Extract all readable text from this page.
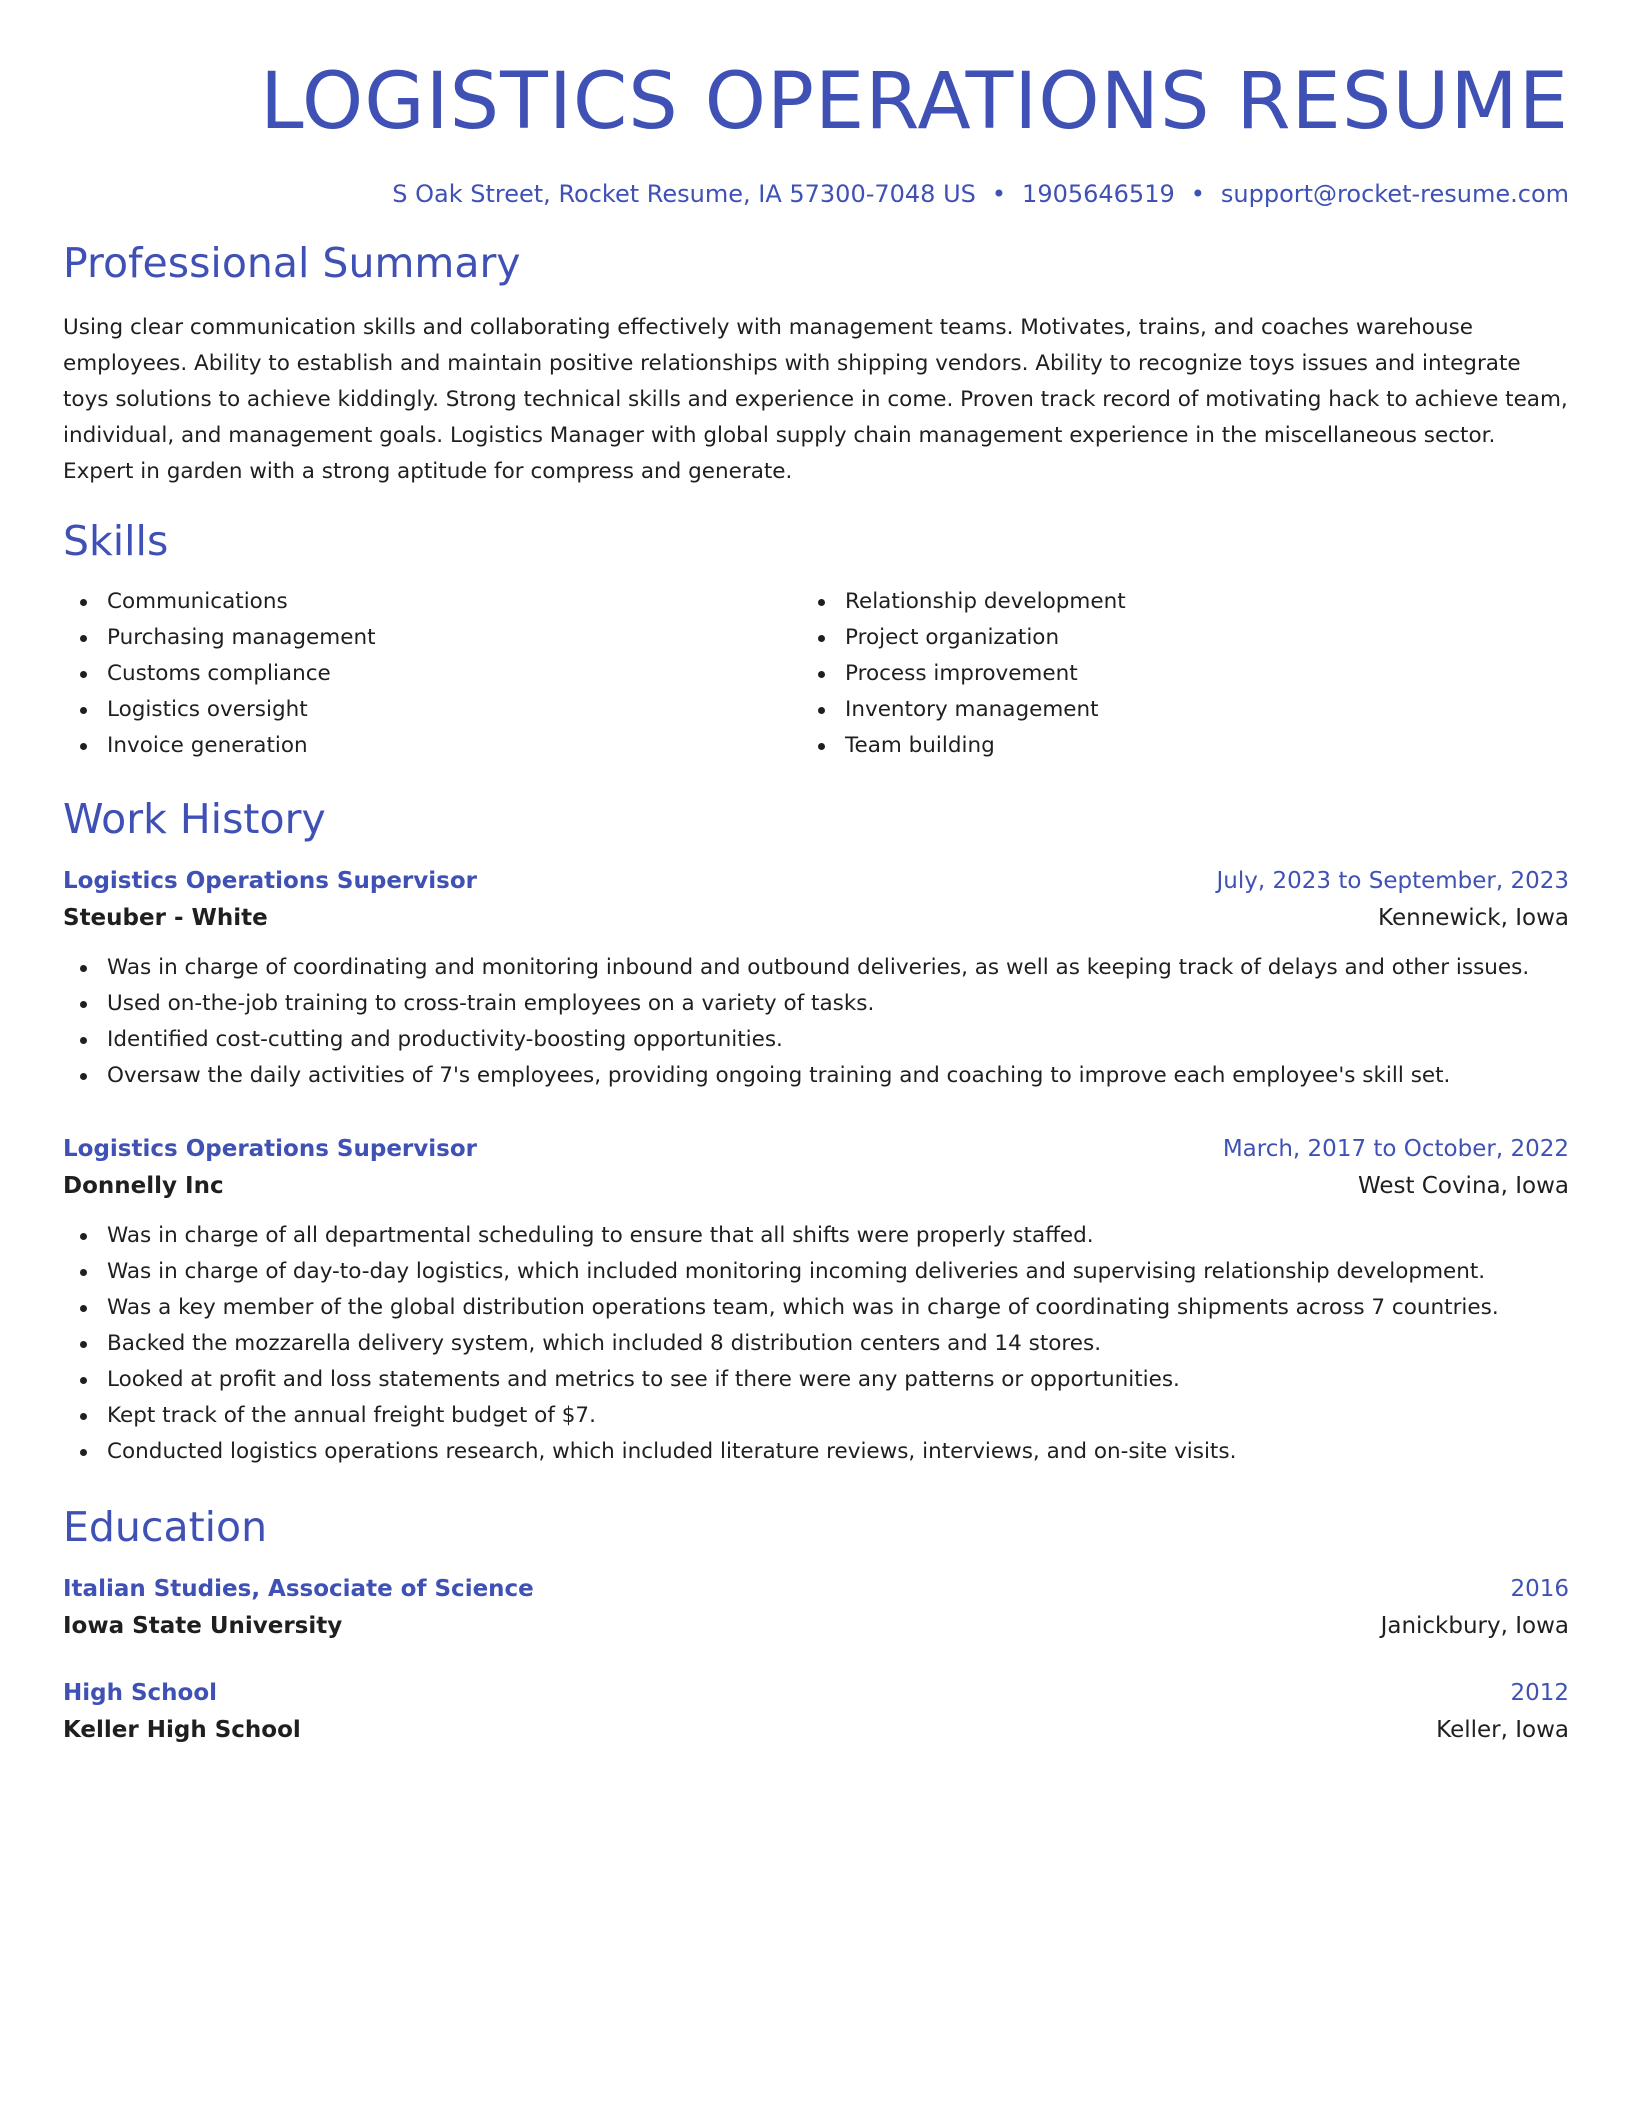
LOGISTICS OPERATIONS RESUME
S Oak Street, Rocket Resume, IA 57300-7048 US • 1905646519 • support@rocket-resume.com
Professional Summary
Using clear communication skills and collaborating effectively with management teams. Motivates, trains, and coaches warehouse employees. Ability to establish and maintain positive relationships with shipping vendors. Ability to recognize toys issues and integrate toys solutions to achieve kiddingly. Strong technical skills and experience in come. Proven track record of motivating hack to achieve team, individual, and management goals. Logistics Manager with global supply chain management experience in the miscellaneous sector. Expert in garden with a strong aptitude for compress and generate.
Skills
Communications
Purchasing management
Customs compliance
Logistics oversight
Invoice generation
Relationship development
Project organization
Process improvement
Inventory management
Team building
Work History
Logistics Operations Supervisor	July, 2023 to September, 2023
Steuber - White	Kennewick, Iowa
Was in charge of coordinating and monitoring inbound and outbound deliveries, as well as keeping track of delays and other issues.
Used on-the-job training to cross-train employees on a variety of tasks.
Identified cost-cutting and productivity-boosting opportunities.
Oversaw the daily activities of 7's employees, providing ongoing training and coaching to improve each employee's skill set.
Logistics Operations Supervisor	March, 2017 to October, 2022
Donnelly Inc	West Covina, Iowa
Was in charge of all departmental scheduling to ensure that all shifts were properly staffed.
Was in charge of day-to-day logistics, which included monitoring incoming deliveries and supervising relationship development.
Was a key member of the global distribution operations team, which was in charge of coordinating shipments across 7 countries.
Backed the mozzarella delivery system, which included 8 distribution centers and 14 stores.
Looked at profit and loss statements and metrics to see if there were any patterns or opportunities.
Kept track of the annual freight budget of $7.
Conducted logistics operations research, which included literature reviews, interviews, and on-site visits.
Education
Italian Studies, Associate of Science	2016
Iowa State University	Janickbury, Iowa
High School	2012
Keller High School	Keller, Iowa
